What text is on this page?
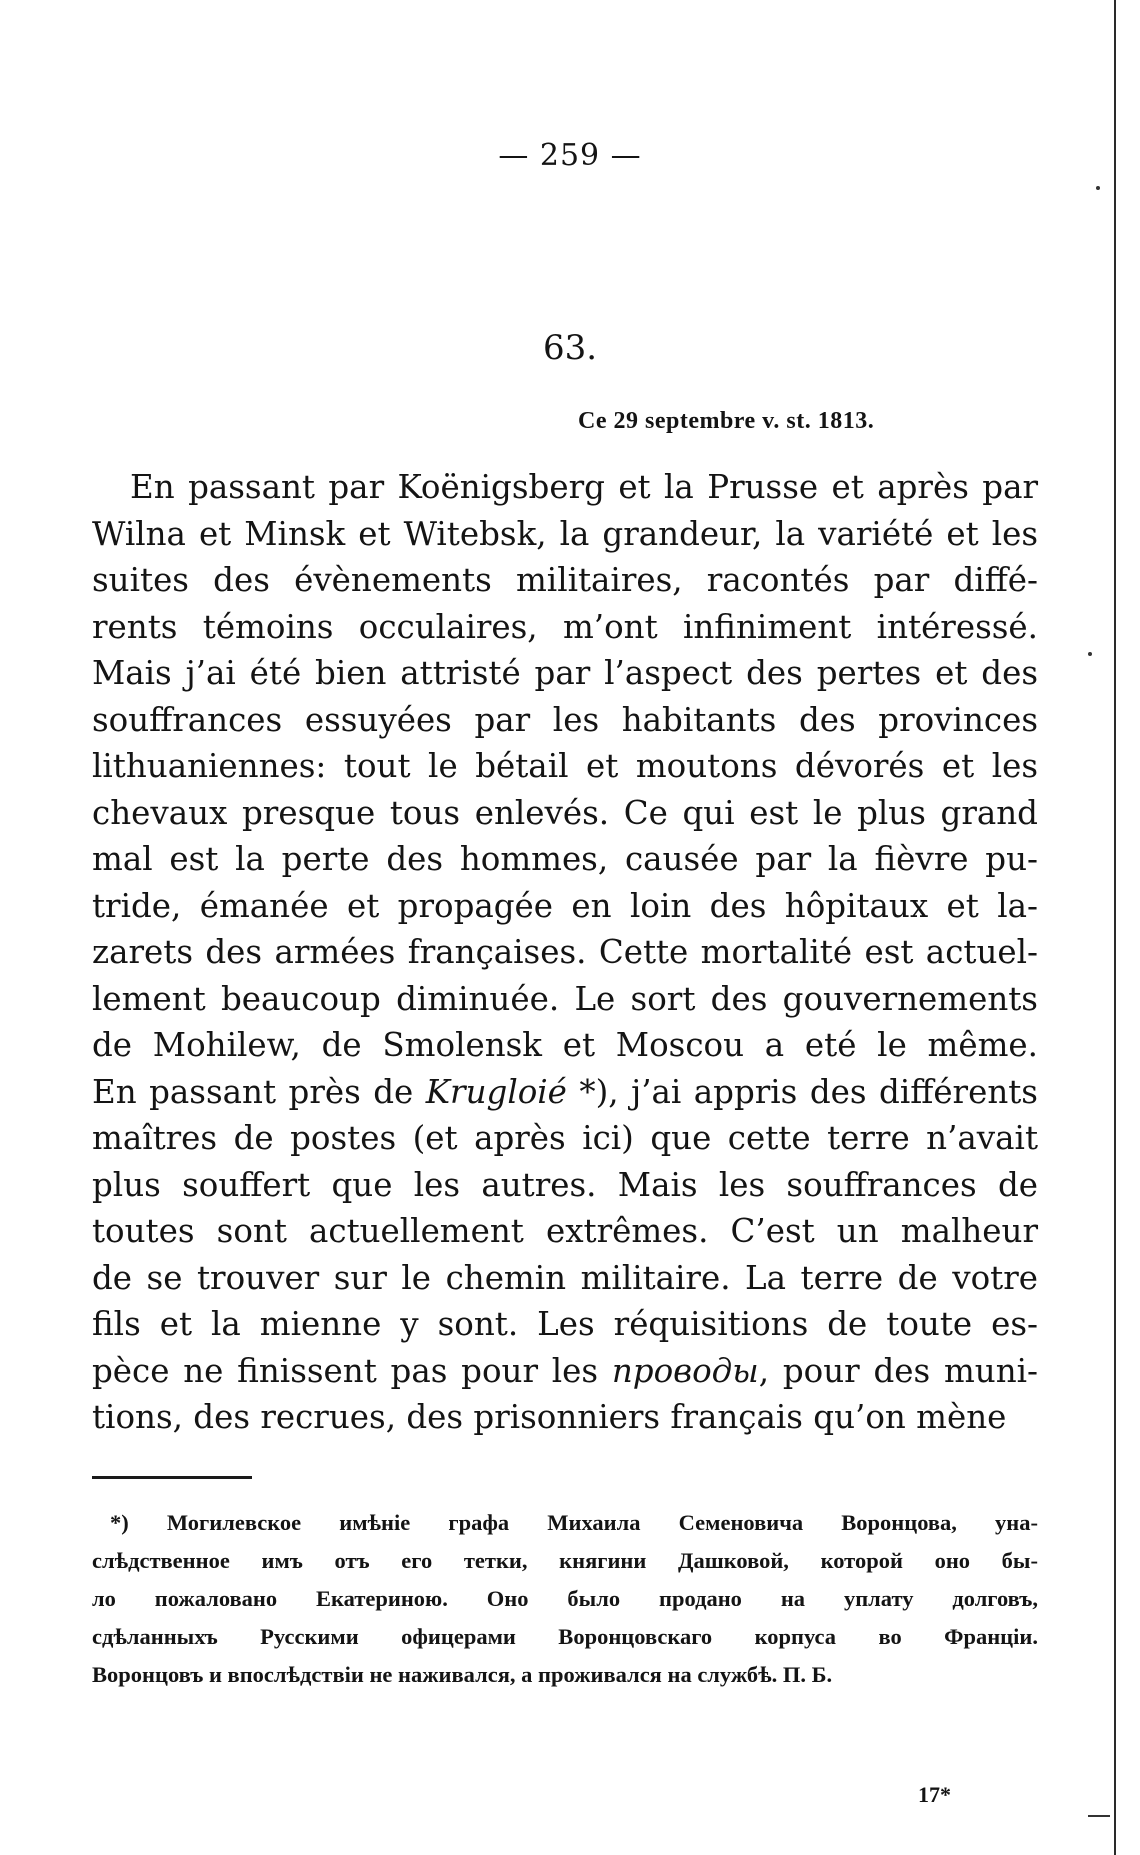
— 259 —
63.
Ce 29 septembre v. st. 1813.
En passant par Koënigsberg et la Prusse et après par
Wilna et Minsk et Witebsk, la grandeur, la variété et les
suites des évènements militaires, racontés par diffé-
rents témoins occulaires, m’ont infiniment intéressé.
Mais j’ai été bien attristé par l’aspect des pertes et des
souffrances essuyées par les habitants des provinces
lithuaniennes: tout le bétail et moutons dévorés et les
chevaux presque tous enlevés. Ce qui est le plus grand
mal est la perte des hommes, causée par la fièvre pu-
tride, émanée et propagée en loin des hôpitaux et la-
zarets des armées françaises. Cette mortalité est actuel-
lement beaucoup diminuée. Le sort des gouvernements
de Mohilew, de Smolensk et Moscou a eté le même.
En passant près de Krugloié *), j’ai appris des différents
maîtres de postes (et après ici) que cette terre n’avait
plus souffert que les autres. Mais les souffrances de
toutes sont actuellement extrêmes. C’est un malheur
de se trouver sur le chemin militaire. La terre de votre
fils et la mienne y sont. Les réquisitions de toute es-
pèce ne finissent pas pour les проводы, pour des muni-
tions, des recrues, des prisonniers français qu’on mène
*) Могилевское имѣніе графа Михаила Семеновича Воронцова, уна-
слѣдственное имъ отъ его тетки, княгини Дашковой, которой оно бы-
ло пожаловано Екатериною. Оно было продано на уплату долговъ,
сдѣланныхъ Русскими офицерами Воронцовскаго корпуса во Франціи.
Воронцовъ и впослѣдствіи не наживался, а проживался на службѣ. П. Б.
17*
